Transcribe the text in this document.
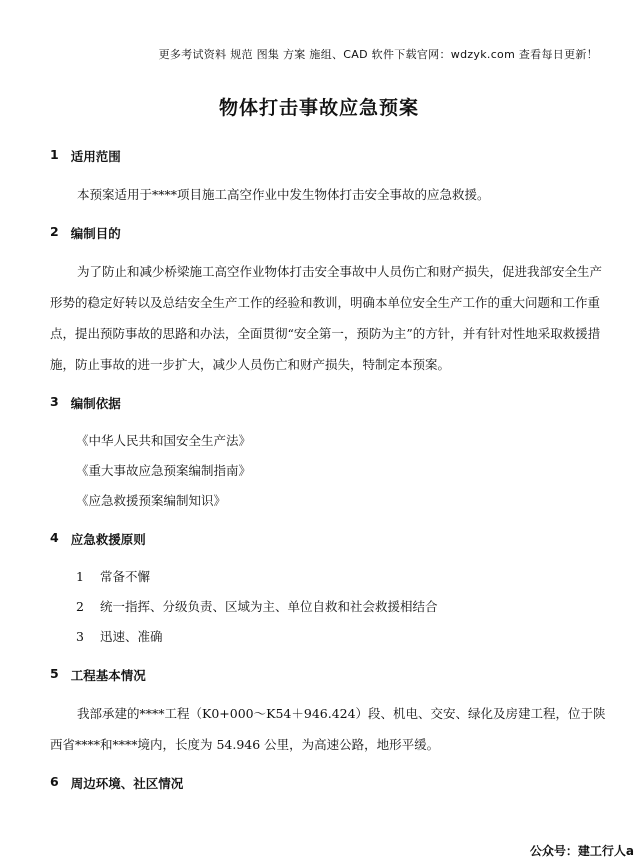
更多考试资料 规范 图集 方案 施组、CAD 软件下载官网：wdzyk.com 查看每日更新！
物体打击事故应急预案
1 适用范围

本预案适用于****项目施工高空作业中发生物体打击安全事故的应急救援。

2 编制目的

为了防止和减少桥梁施工高空作业物体打击安全事故中人员伤亡和财产损失，促进我部安全生产形势的稳定好转以及总结安全生产工作的经验和教训，明确本单位安全生产工作的重大问题和工作重点，提出预防事故的思路和办法，全面贯彻“安全第一，预防为主”的方针，并有针对性地采取救援措施，防止事故的进一步扩大，减少人员伤亡和财产损失，特制定本预案。

3 编制依据

《中华人民共和国安全生产法》

《重大事故应急预案编制指南》

《应急救援预案编制知识》

4 应急救援原则

1 常备不懈

2 统一指挥、分级负责、区域为主、单位自救和社会救援相结合

3 迅速、准确

5 工程基本情况

我部承建的****工程（K0+000～K54＋946.424）段、机电、交安、绿化及房建工程，位于陕西省****和****境内，长度为 54.946 公里，为高速公路，地形平缓。

6 周边环境、社区情况
公众号：建工行人a
